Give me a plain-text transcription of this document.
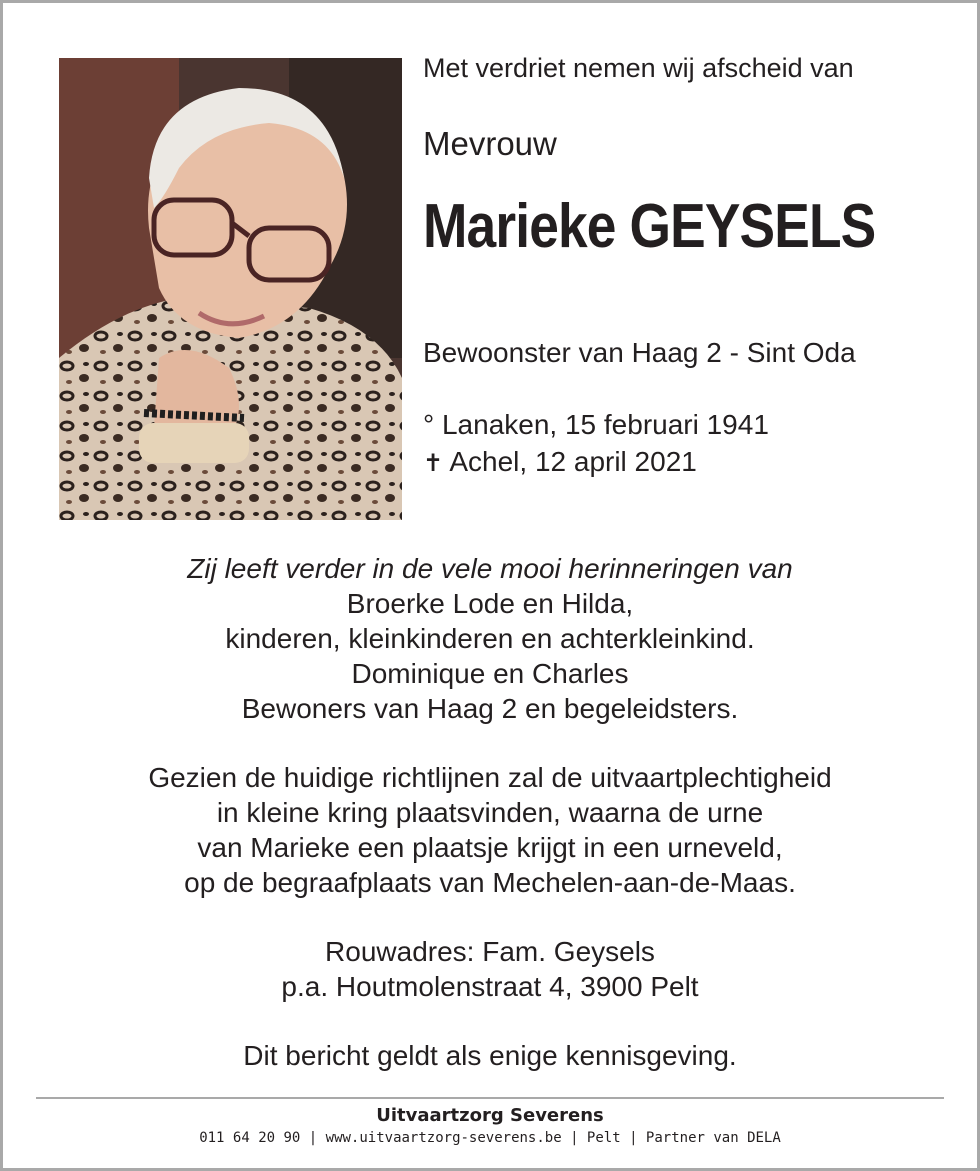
Met verdriet nemen wij afscheid van
Mevrouw
Marieke GEYSELS
Bewoonster van Haag 2 - Sint Oda
° Lanaken, 15 februari 1941
✝ Achel, 12 april 2021
Zij leeft verder in de vele mooi herinneringen van
Broerke Lode en Hilda,
kinderen, kleinkinderen en achterkleinkind.
Dominique en Charles
Bewoners van Haag 2 en begeleidsters.
Gezien de huidige richtlijnen zal de uitvaartplechtigheid
in kleine kring plaatsvinden, waarna de urne
van Marieke een plaatsje krijgt in een urneveld,
op de begraafplaats van Mechelen-aan-de-Maas.
Rouwadres: Fam. Geysels
p.a. Houtmolenstraat 4, 3900 Pelt
Dit bericht geldt als enige kennisgeving.
Uitvaartzorg Severens
011 64 20 90 | www.uitvaartzorg-severens.be | Pelt | Partner van DELA
